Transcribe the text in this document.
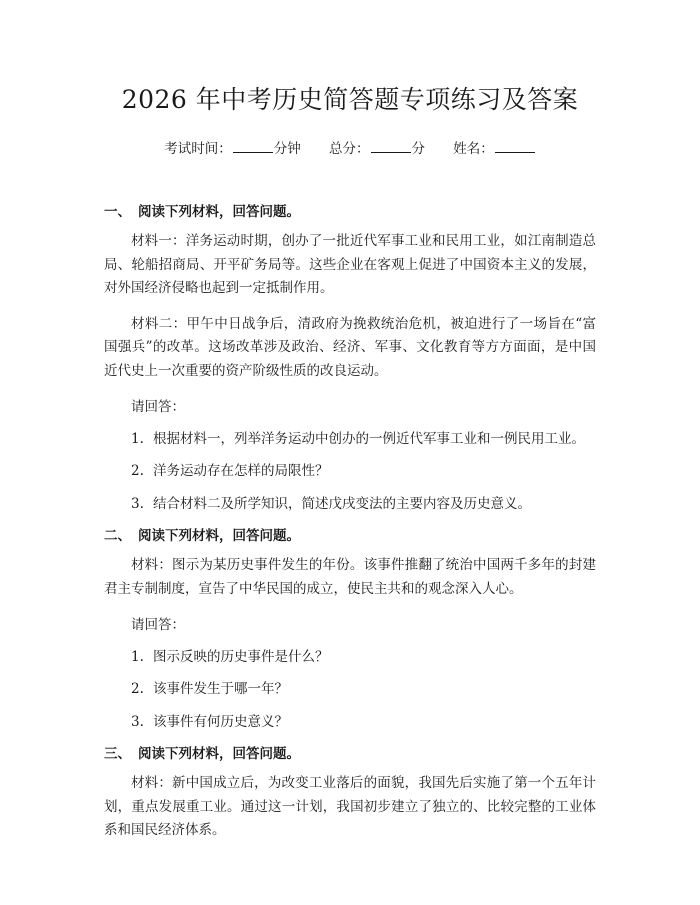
2026 年中考历史简答题专项练习及答案
考试时间：	分钟 总分：	分 姓名：

一、 阅读下列材料，回答问题。

材料一：洋务运动时期，创办了一批近代军事工业和民用工业，如江南制造总局、轮船招商局、开平矿务局等。这些企业在客观上促进了中国资本主义的发展，对外国经济侵略也起到一定抵制作用。

材料二：甲午中日战争后，清政府为挽救统治危机，被迫进行了一场旨在“富国强兵”的改革。这场改革涉及政治、经济、军事、文化教育等方方面面，是中国近代史上一次重要的资产阶级性质的改良运动。

请回答：

1. 根据材料一，列举洋务运动中创办的一例近代军事工业和一例民用工业。

2. 洋务运动存在怎样的局限性？

3. 结合材料二及所学知识，简述戊戌变法的主要内容及历史意义。

二、 阅读下列材料，回答问题。

材料：图示为某历史事件发生的年份。该事件推翻了统治中国两千多年的封建君主专制制度，宣告了中华民国的成立，使民主共和的观念深入人心。

请回答：

1. 图示反映的历史事件是什么？

2. 该事件发生于哪一年？

3. 该事件有何历史意义？

三、 阅读下列材料，回答问题。

材料：新中国成立后，为改变工业落后的面貌，我国先后实施了第一个五年计划，重点发展重工业。通过这一计划，我国初步建立了独立的、比较完整的工业体系和国民经济体系。
